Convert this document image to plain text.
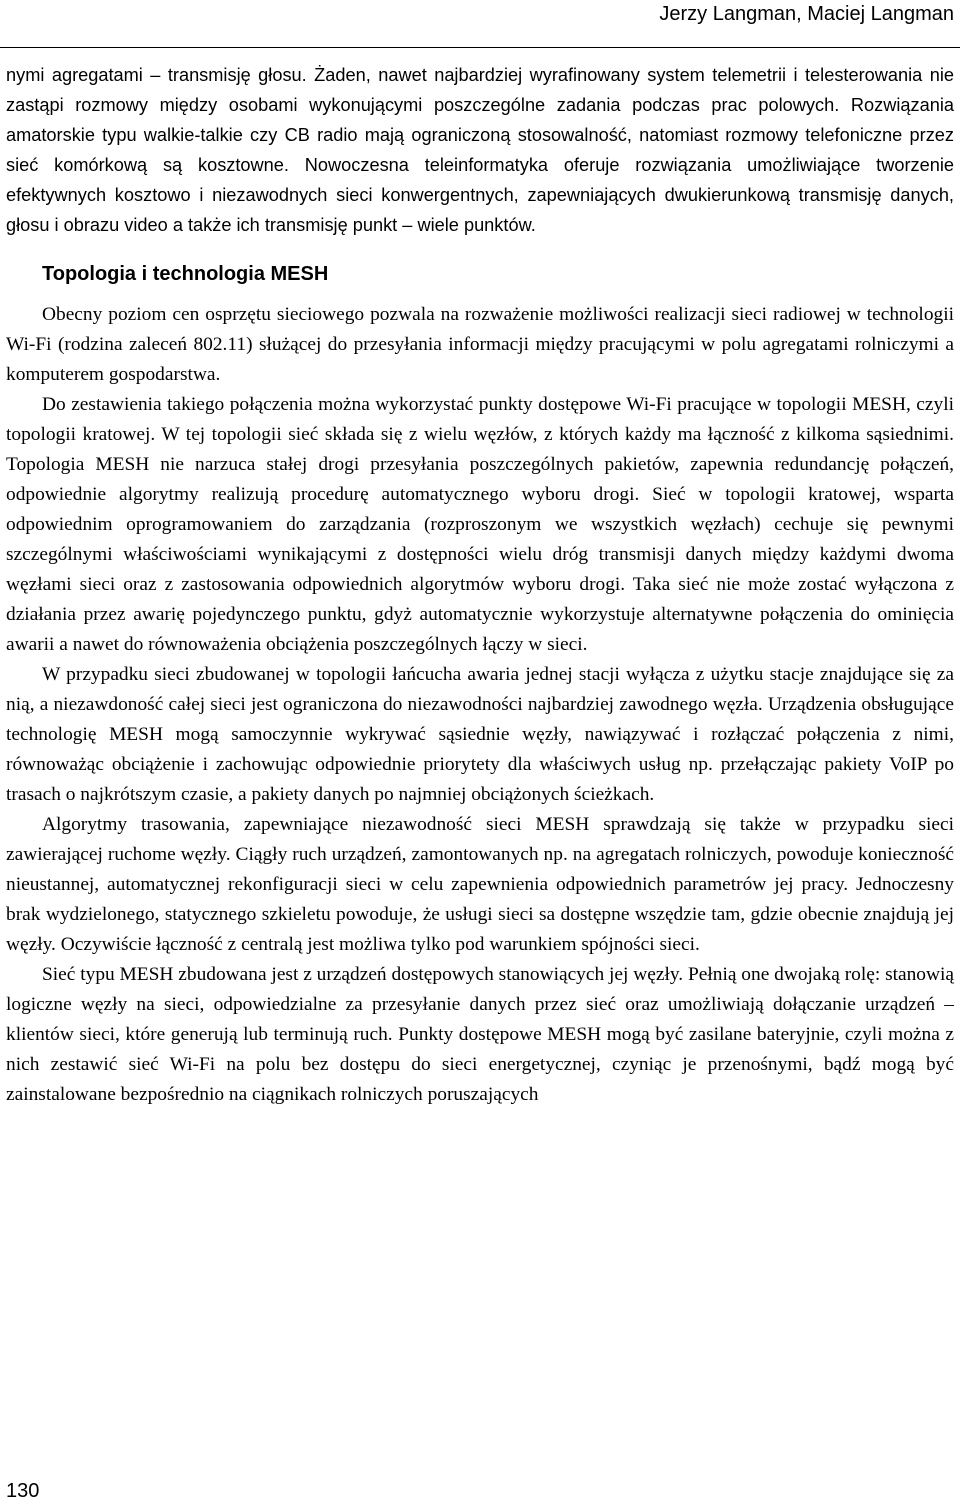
Jerzy Langman, Maciej Langman

nymi agregatami – transmisję głosu. Żaden, nawet najbardziej wyrafinowany system telemetrii i telesterowania nie zastąpi rozmowy między osobami wykonującymi poszczególne zadania podczas prac polowych. Rozwiązania amatorskie typu walkie-talkie czy CB radio mają ograniczoną stosowalność, natomiast rozmowy telefoniczne przez sieć komórkową są kosztowne. Nowoczesna teleinformatyka oferuje rozwiązania umożliwiające tworzenie efektywnych kosztowo i niezawodnych sieci konwergentnych, zapewniających dwukierunkową transmisję danych, głosu i obrazu video a także ich transmisję punkt – wiele punktów.

Topologia i technologia MESH

Obecny poziom cen osprzętu sieciowego pozwala na rozważenie możliwości realizacji sieci radiowej w technologii Wi-Fi (rodzina zaleceń 802.11) służącej do przesyłania informacji między pracującymi w polu agregatami rolniczymi a komputerem gospodarstwa.

Do zestawienia takiego połączenia można wykorzystać punkty dostępowe Wi-Fi pracujące w topologii MESH, czyli topologii kratowej. W tej topologii sieć składa się z wielu węzłów, z których każdy ma łączność z kilkoma sąsiednimi. Topologia MESH nie narzuca stałej drogi przesyłania poszczególnych pakietów, zapewnia redundancję połączeń, odpowiednie algorytmy realizują procedurę automatycznego wyboru drogi. Sieć w topologii kratowej, wsparta odpowiednim oprogramowaniem do zarządzania (rozproszonym we wszystkich węzłach) cechuje się pewnymi szczególnymi właściwościami wynikającymi z dostępności wielu dróg transmisji danych między każdymi dwoma węzłami sieci oraz z zastosowania odpowiednich algorytmów wyboru drogi. Taka sieć nie może zostać wyłączona z działania przez awarię pojedynczego punktu, gdyż automatycznie wykorzystuje alternatywne połączenia do ominięcia awarii a nawet do równoważenia obciążenia poszczególnych łączy w sieci.

W przypadku sieci zbudowanej w topologii łańcucha awaria jednej stacji wyłącza z użytku stacje znajdujące się za nią, a niezawdoność całej sieci jest ograniczona do niezawodności najbardziej zawodnego węzła. Urządzenia obsługujące technologię MESH mogą samoczynnie wykrywać sąsiednie węzły, nawiązywać i rozłączać połączenia z nimi, równoważąc obciążenie i zachowując odpowiednie priorytety dla właściwych usług np. przełączając pakiety VoIP po trasach o najkrótszym czasie, a pakiety danych po najmniej obciążonych ścieżkach.

Algorytmy trasowania, zapewniające niezawodność sieci MESH sprawdzają się także w przypadku sieci zawierającej ruchome węzły. Ciągły ruch urządzeń, zamontowanych np. na agregatach rolniczych, powoduje konieczność nieustannej, automatycznej rekonfiguracji sieci w celu zapewnienia odpowiednich parametrów jej pracy. Jednoczesny brak wydzielonego, statycznego szkieletu powoduje, że usługi sieci sa dostępne wszędzie tam, gdzie obecnie znajdują jej węzły. Oczywiście łączność z centralą jest możliwa tylko pod warunkiem spójności sieci.

Sieć typu MESH zbudowana jest z urządzeń dostępowych stanowiących jej węzły. Pełnią one dwojaką rolę: stanowią logiczne węzły na sieci, odpowiedzialne za przesyłanie danych przez sieć oraz umożliwiają dołączanie urządzeń – klientów sieci, które generują lub terminują ruch. Punkty dostępowe MESH mogą być zasilane bateryjnie, czyli można z nich zestawić sieć Wi-Fi na polu bez dostępu do sieci energetycznej, czyniąc je przenośnymi, bądź mogą być zainstalowane bezpośrednio na ciągnikach rolniczych poruszających

130
